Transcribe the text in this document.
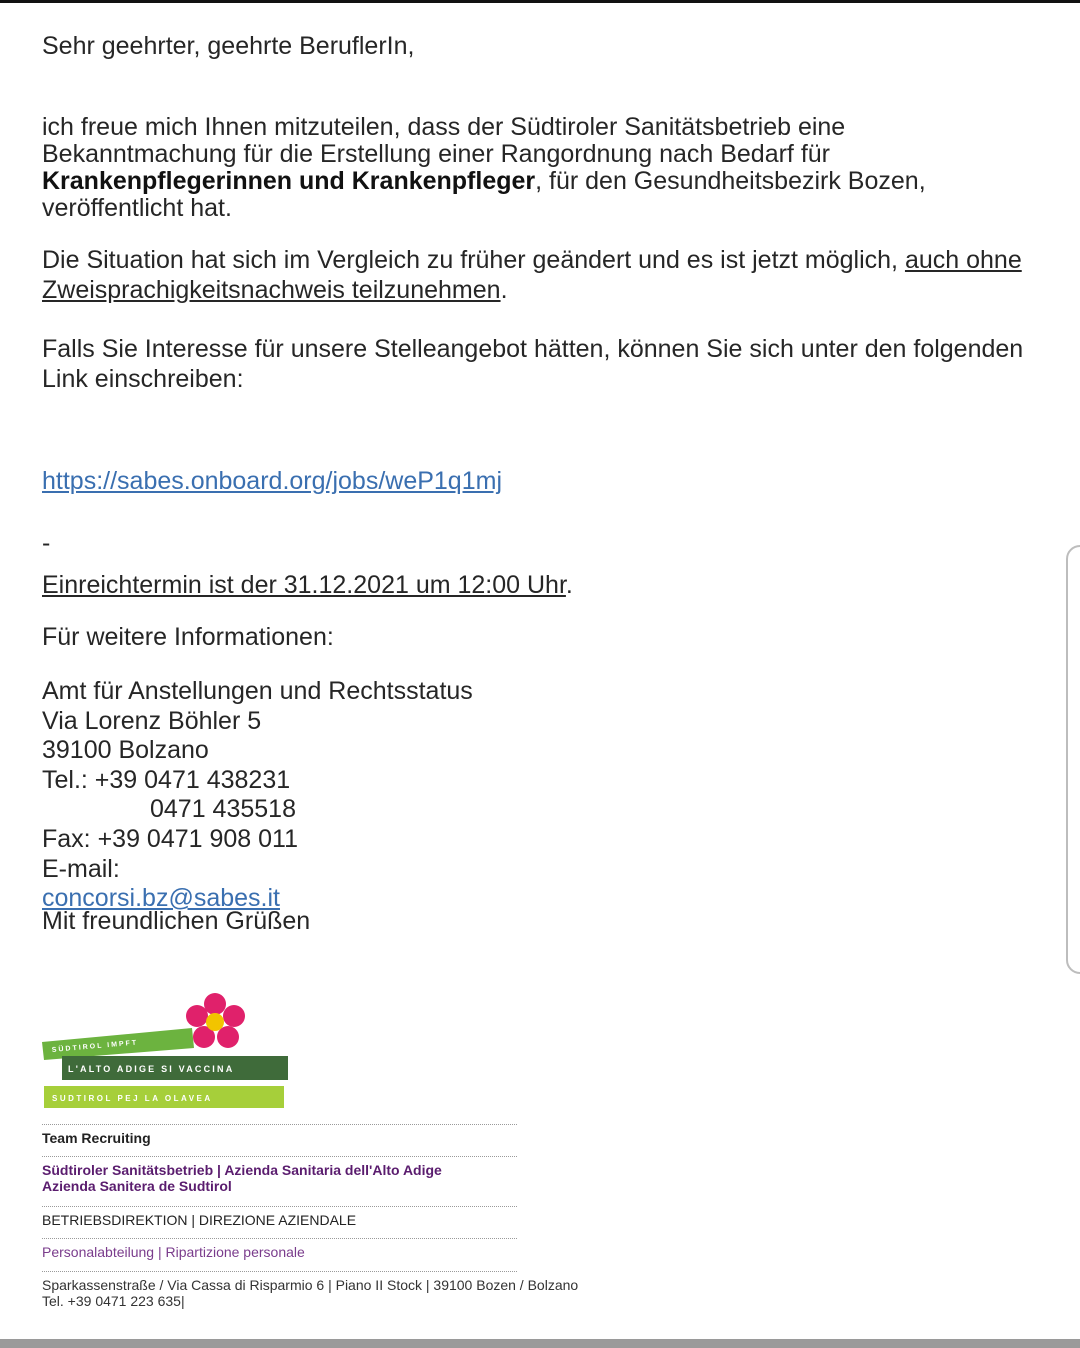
Sehr geehrter, geehrte BeruflerIn,
ich freue mich Ihnen mitzuteilen, dass der Südtiroler Sanitätsbetrieb eine Bekanntmachung für die Erstellung einer Rangordnung nach Bedarf für Krankenpflegerinnen und Krankenpfleger, für den Gesundheitsbezirk Bozen, veröffentlicht hat.
Die Situation hat sich im Vergleich zu früher geändert und es ist jetzt möglich, auch ohne Zweisprachigkeitsnachweis teilzunehmen.
Falls Sie Interesse für unsere Stelleangebot hätten, können Sie sich unter den folgenden Link einschreiben:
https://sabes.onboard.org/jobs/weP1q1mj
-
Einreichtermin ist der 31.12.2021 um 12:00 Uhr.
Für weitere Informationen:
Amt für Anstellungen und Rechtsstatus
Via Lorenz Böhler 5
39100 Bolzano
Tel.: +39 0471 438231
0471 435518
Fax: +39 0471 908 011
E-mail:
concorsi.bz@sabes.it
Mit freundlichen Grüßen
SÜDTIROL IMPFT
L'ALTO ADIGE SI VACCINA
SUDTIROL PEJ LA OLAVEA
Team Recruiting
Südtiroler Sanitätsbetrieb | Azienda Sanitaria dell'Alto Adige
Azienda Sanitera de Sudtirol
BETRIEBSDIREKTION | DIREZIONE AZIENDALE
Personalabteilung | Ripartizione personale
Sparkassenstraße / Via Cassa di Risparmio 6 | Piano II Stock | 39100 Bozen / Bolzano
Tel. +39 0471 223 635|
